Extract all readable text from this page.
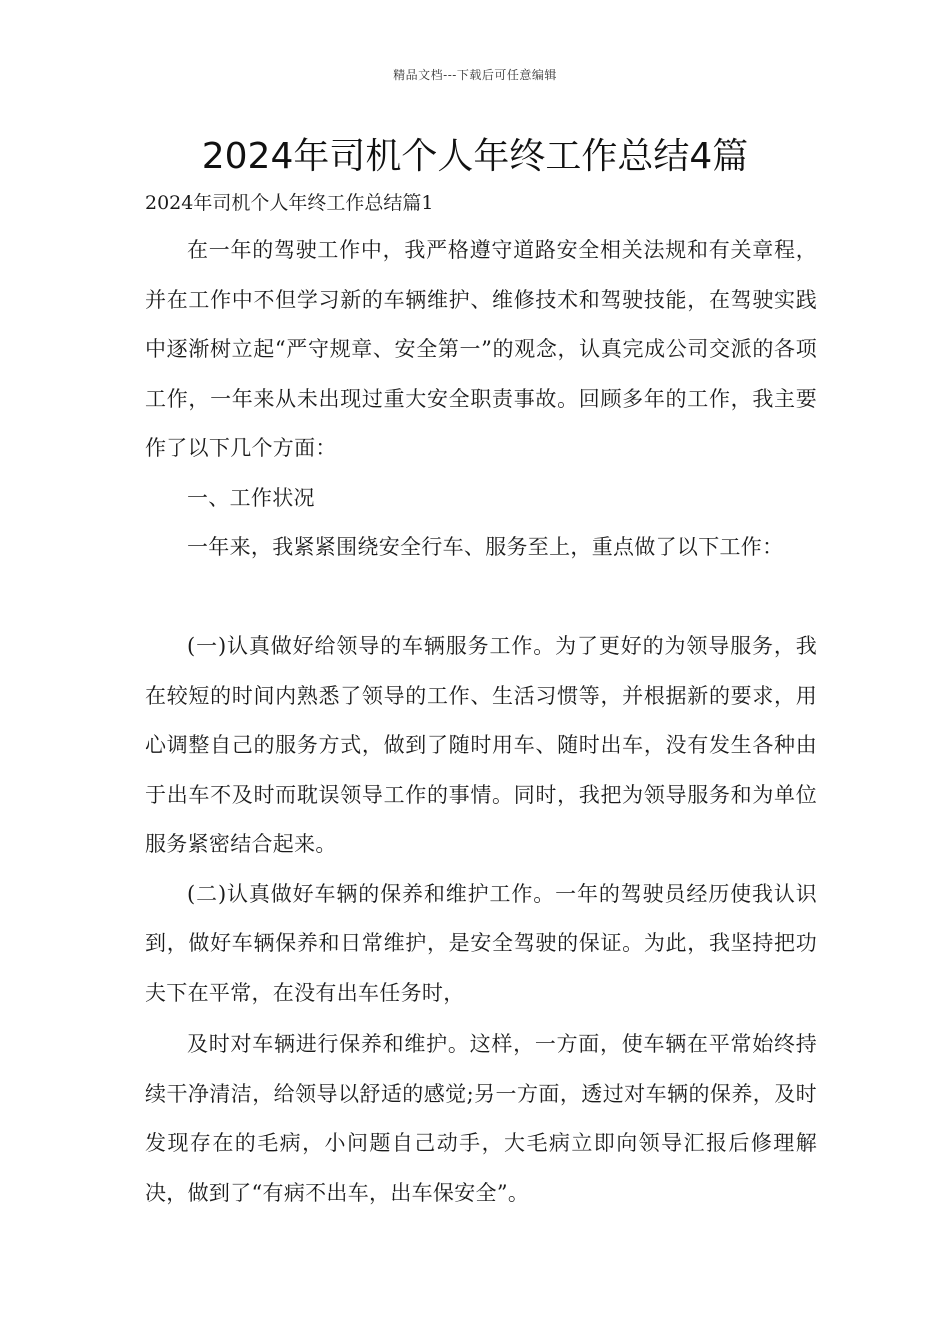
精品文档---下载后可任意编辑
2024年司机个人年终工作总结4篇
2024年司机个人年终工作总结篇1

在一年的驾驶工作中，我严格遵守道路安全相关法规和有关章程，并在工作中不但学习新的车辆维护、维修技术和驾驶技能，在驾驶实践中逐渐树立起“严守规章、安全第一”的观念，认真完成公司交派的各项工作，一年来从未出现过重大安全职责事故。回顾多年的工作，我主要作了以下几个方面：

一、工作状况

一年来，我紧紧围绕安全行车、服务至上，重点做了以下工作：

(一)认真做好给领导的车辆服务工作。为了更好的为领导服务，我在较短的时间内熟悉了领导的工作、生活习惯等，并根据新的要求，用心调整自己的服务方式，做到了随时用车、随时出车，没有发生各种由于出车不及时而耽误领导工作的事情。同时，我把为领导服务和为单位服务紧密结合起来。

(二)认真做好车辆的保养和维护工作。一年的驾驶员经历使我认识到，做好车辆保养和日常维护，是安全驾驶的保证。为此，我坚持把功夫下在平常，在没有出车任务时，

及时对车辆进行保养和维护。这样，一方面，使车辆在平常始终持续干净清洁，给领导以舒适的感觉;另一方面，透过对车辆的保养，及时发现存在的毛病，小问题自己动手，大毛病立即向领导汇报后修理解决，做到了“有病不出车，出车保安全”。
